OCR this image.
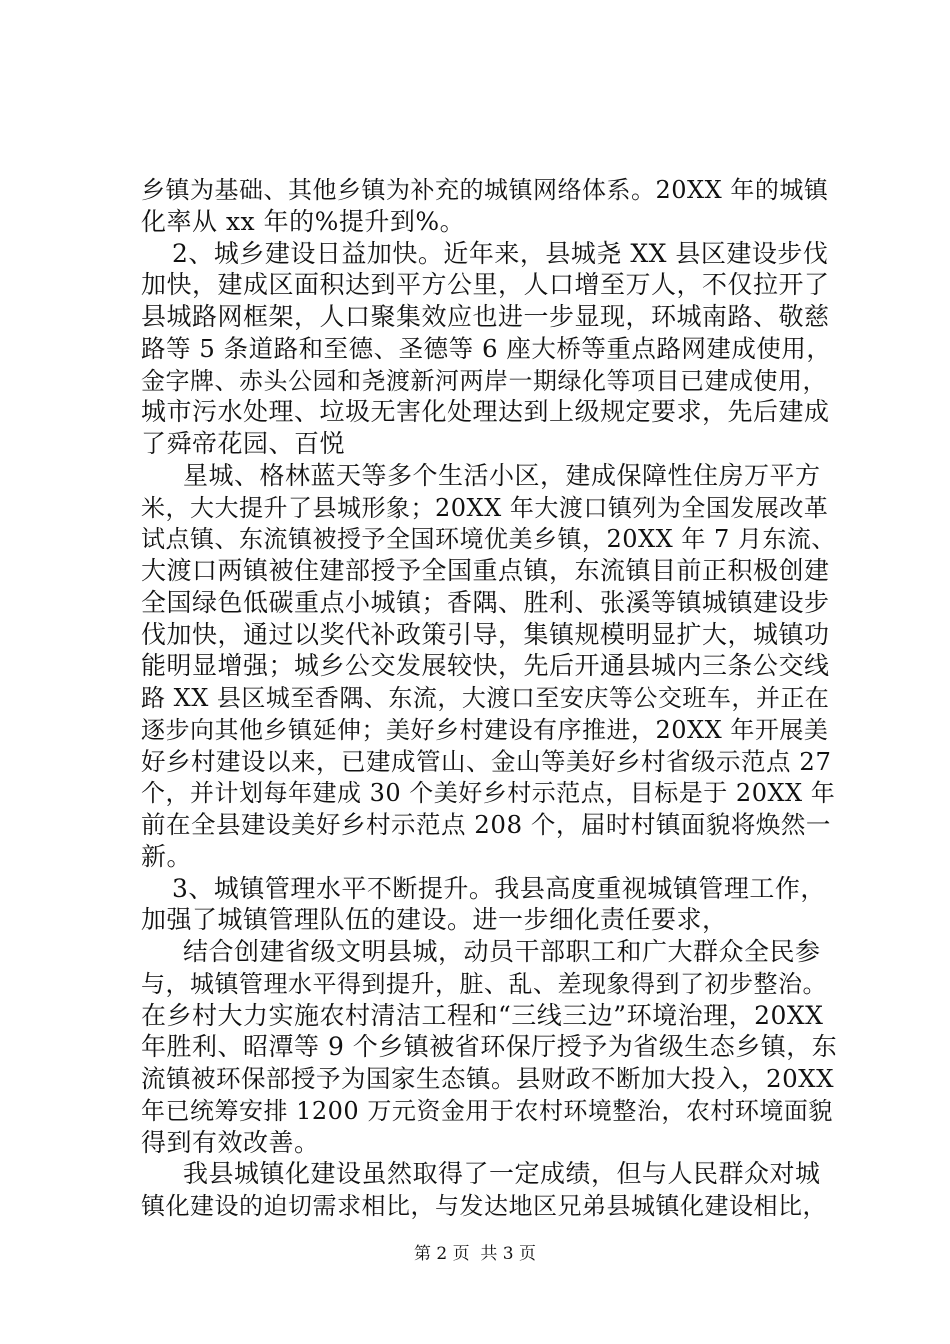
乡镇为基础、其他乡镇为补充的城镇网络体系。20XX 年的城镇
化率从 xx 年的%提升到%。
2、城乡建设日益加快。近年来，县城尧 XX 县区建设步伐
加快，建成区面积达到平方公里，人口增至万人，不仅拉开了
县城路网框架，人口聚集效应也进一步显现，环城南路、敬慈
路等 5 条道路和至德、圣德等 6 座大桥等重点路网建成使用，
金字牌、赤头公园和尧渡新河两岸一期绿化等项目已建成使用，
城市污水处理、垃圾无害化处理达到上级规定要求，先后建成
了舜帝花园、百悦
星城、格林蓝天等多个生活小区，建成保障性住房万平方
米，大大提升了县城形象；20XX 年大渡口镇列为全国发展改革
试点镇、东流镇被授予全国环境优美乡镇，20XX 年 7 月东流、
大渡口两镇被住建部授予全国重点镇，东流镇目前正积极创建
全国绿色低碳重点小城镇；香隅、胜利、张溪等镇城镇建设步
伐加快，通过以奖代补政策引导，集镇规模明显扩大，城镇功
能明显增强；城乡公交发展较快，先后开通县城内三条公交线
路 XX 县区城至香隅、东流，大渡口至安庆等公交班车，并正在
逐步向其他乡镇延伸；美好乡村建设有序推进，20XX 年开展美
好乡村建设以来，已建成管山、金山等美好乡村省级示范点 27
个，并计划每年建成 30 个美好乡村示范点，目标是于 20XX 年
前在全县建设美好乡村示范点 208 个，届时村镇面貌将焕然一
新。
3、城镇管理水平不断提升。我县高度重视城镇管理工作，
加强了城镇管理队伍的建设。进一步细化责任要求，
结合创建省级文明县城，动员干部职工和广大群众全民参
与，城镇管理水平得到提升，脏、乱、差现象得到了初步整治。
在乡村大力实施农村清洁工程和“三线三边”环境治理，20XX
年胜利、昭潭等 9 个乡镇被省环保厅授予为省级生态乡镇，东
流镇被环保部授予为国家生态镇。县财政不断加大投入，20XX
年已统筹安排 1200 万元资金用于农村环境整治，农村环境面貌
得到有效改善。
我县城镇化建设虽然取得了一定成绩，但与人民群众对城
镇化建设的迫切需求相比，与发达地区兄弟县城镇化建设相比，
第 2 页  共 3 页
